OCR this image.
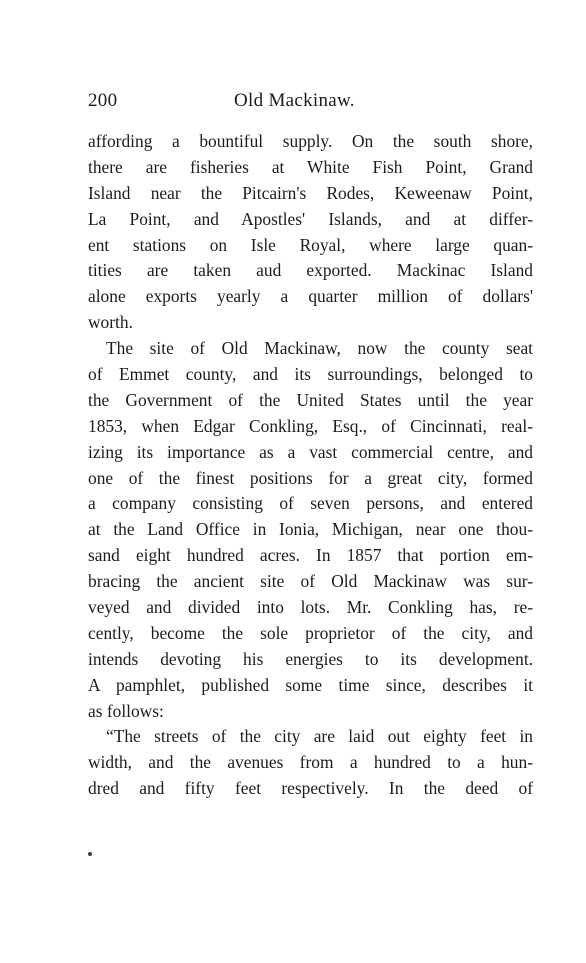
200	Old Mackinaw.
affording a bountiful supply. On the south shore,
there are fisheries at White Fish Point, Grand
Island near the Pitcairn's Rodes, Keweenaw Point,
La Point, and Apostles' Islands, and at differ-
ent stations on Isle Royal, where large quan-
tities are taken aud exported. Mackinac Island
alone exports yearly a quarter million of dollars'
worth.
The site of Old Mackinaw, now the county seat
of Emmet county, and its surroundings, belonged to
the Government of the United States until the year
1853, when Edgar Conkling, Esq., of Cincinnati, real-
izing its importance as a vast commercial centre, and
one of the finest positions for a great city, formed
a company consisting of seven persons, and entered
at the Land Office in Ionia, Michigan, near one thou-
sand eight hundred acres. In 1857 that portion em-
bracing the ancient site of Old Mackinaw was sur-
veyed and divided into lots. Mr. Conkling has, re-
cently, become the sole proprietor of the city, and
intends devoting his energies to its development.
A pamphlet, published some time since, describes it
as follows:
“The streets of the city are laid out eighty feet in
width, and the avenues from a hundred to a hun-
dred and fifty feet respectively. In the deed of
